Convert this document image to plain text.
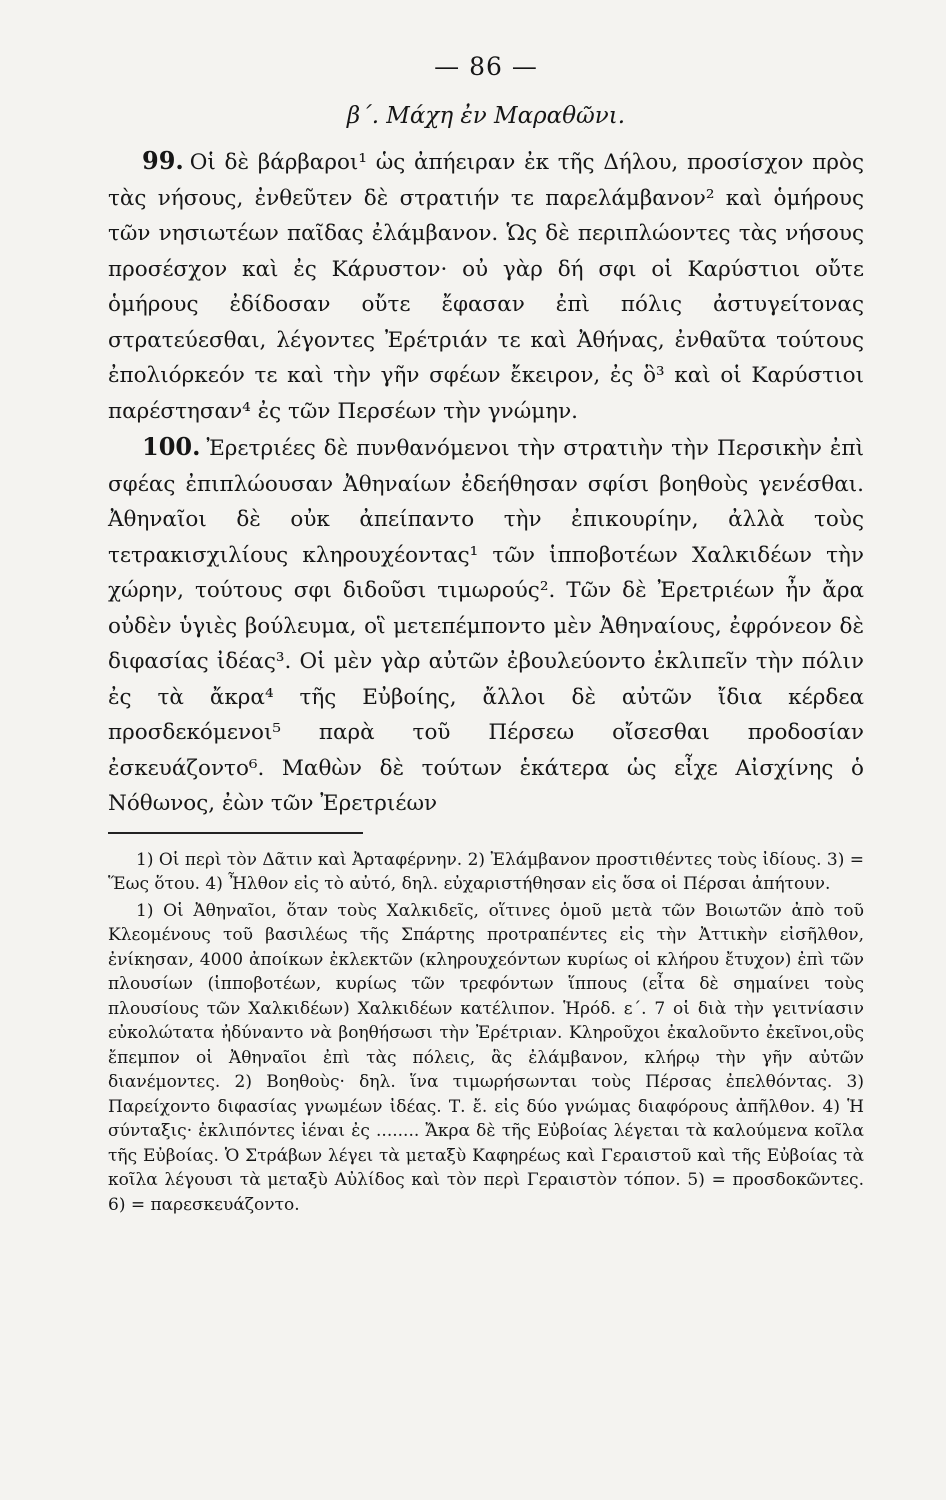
— 86 —
β΄. Μάχη ἐν Μαραθῶνι.

99. Οἱ δὲ βάρβαροι¹ ὡς ἀπήειραν ἐκ τῆς Δήλου, προσίσχον πρὸς τὰς νήσους, ἐνθεῦτεν δὲ στρατιήν τε παρελάμβανον² καὶ ὁμήρους τῶν νησιωτέων παῖδας ἐλάμβανον. Ὡς δὲ περιπλώοντες τὰς νήσους προσέσχον καὶ ἐς Κάρυστον· οὐ γὰρ δή σφι οἱ Καρύστιοι οὔτε ὁμήρους ἐδίδοσαν οὔτε ἔφασαν ἐπὶ πόλις ἀστυγείτονας στρατεύεσθαι, λέγοντες Ἐρέτριάν τε καὶ Ἀθήνας, ἐνθαῦτα τούτους ἐπολιόρκεόν τε καὶ τὴν γῆν σφέων ἔκειρον, ἐς ὃ³ καὶ οἱ Καρύστιοι παρέστησαν⁴ ἐς τῶν Περσέων τὴν γνώμην.

100. Ἐρετριέες δὲ πυνθανόμενοι τὴν στρατιὴν τὴν Περσικὴν ἐπὶ σφέας ἐπιπλώουσαν Ἀθηναίων ἐδεήθησαν σφίσι βοηθοὺς γενέσθαι. Ἀθηναῖοι δὲ οὐκ ἀπείπαντο τὴν ἐπικουρίην, ἀλλὰ τοὺς τετρακισχιλίους κληρουχέοντας¹ τῶν ἱπποβοτέων Χαλκιδέων τὴν χώρην, τούτους σφι διδοῦσι τιμωρούς². Τῶν δὲ Ἐρετριέων ἦν ἄρα οὐδὲν ὑγιὲς βούλευμα, οἳ μετεπέμποντο μὲν Ἀθηναίους, ἐφρόνεον δὲ διφασίας ἰδέας³. Οἱ μὲν γὰρ αὐτῶν ἐβουλεύοντο ἐκλιπεῖν τὴν πόλιν ἐς τὰ ἄκρα⁴ τῆς Εὐβοίης, ἄλλοι δὲ αὐτῶν ἴδια κέρδεα προσδεκόμενοι⁵ παρὰ τοῦ Πέρσεω οἴσεσθαι προδοσίαν ἐσκευάζοντο⁶. Μαθὼν δὲ τούτων ἑκάτερα ὡς εἶχε Αἰσχίνης ὁ Νόθωνος, ἐὼν τῶν Ἐρετριέων

1) Οἱ περὶ τὸν Δᾶτιν καὶ Ἀρταφέρνην. 2) Ἐλάμβανον προστιθέντες τοὺς ἰδίους. 3) = Ἕως ὅτου. 4) Ἦλθον εἰς τὸ αὐτό, δηλ. εὐχαριστήθησαν εἰς ὅσα οἱ Πέρσαι ἀπήτουν.

1) Οἱ Ἀθηναῖοι, ὅταν τοὺς Χαλκιδεῖς, οἵτινες ὁμοῦ μετὰ τῶν Βοιωτῶν ἀπὸ τοῦ Κλεομένους τοῦ βασιλέως τῆς Σπάρτης προτραπέντες εἰς τὴν Ἀττικὴν εἰσῆλθον, ἐνίκησαν, 4000 ἀποίκων ἐκλεκτῶν (κληρουχεόντων κυρίως οἱ κλήρου ἔτυχον) ἐπὶ τῶν πλουσίων (ἱπποβοτέων, κυρίως τῶν τρεφόντων ἵππους (εἶτα δὲ σημαίνει τοὺς πλουσίους τῶν Χαλκιδέων) Χαλκιδέων κατέλιπον. Ἡρόδ. ε΄. 7 οἱ διὰ τὴν γειτνίασιν εὐκολώτατα ἠδύναντο νὰ βοηθήσωσι τὴν Ἐρέτριαν. Κληροῦχοι ἐκαλοῦντο ἐκεῖνοι,οὓς ἔπεμπον οἱ Ἀθηναῖοι ἐπὶ τὰς πόλεις, ἃς ἐλάμβανον, κλήρῳ τὴν γῆν αὐτῶν διανέμοντες. 2) Βοηθοὺς· δηλ. ἵνα τιμωρήσωνται τοὺς Πέρσας ἐπελθόντας. 3) Παρείχοντο διφασίας γνωμέων ἰδέας. Τ. ἔ. εἰς δύο γνώμας διαφόρους ἀπῆλθον. 4) Ἡ σύνταξις· ἐκλιπόντες ἰέναι ἐς ........ Ἄκρα δὲ τῆς Εὐβοίας λέγεται τὰ καλούμενα κοῖλα τῆς Εὐβοίας. Ὁ Στράβων λέγει τὰ μεταξὺ Καφηρέως καὶ Γεραιστοῦ καὶ τῆς Εὐβοίας τὰ κοῖλα λέγουσι τὰ μεταξὺ Αὐλίδος καὶ τὸν περὶ Γεραιστὸν τόπον. 5) = προσδοκῶντες. 6) = παρεσκευάζοντο.
